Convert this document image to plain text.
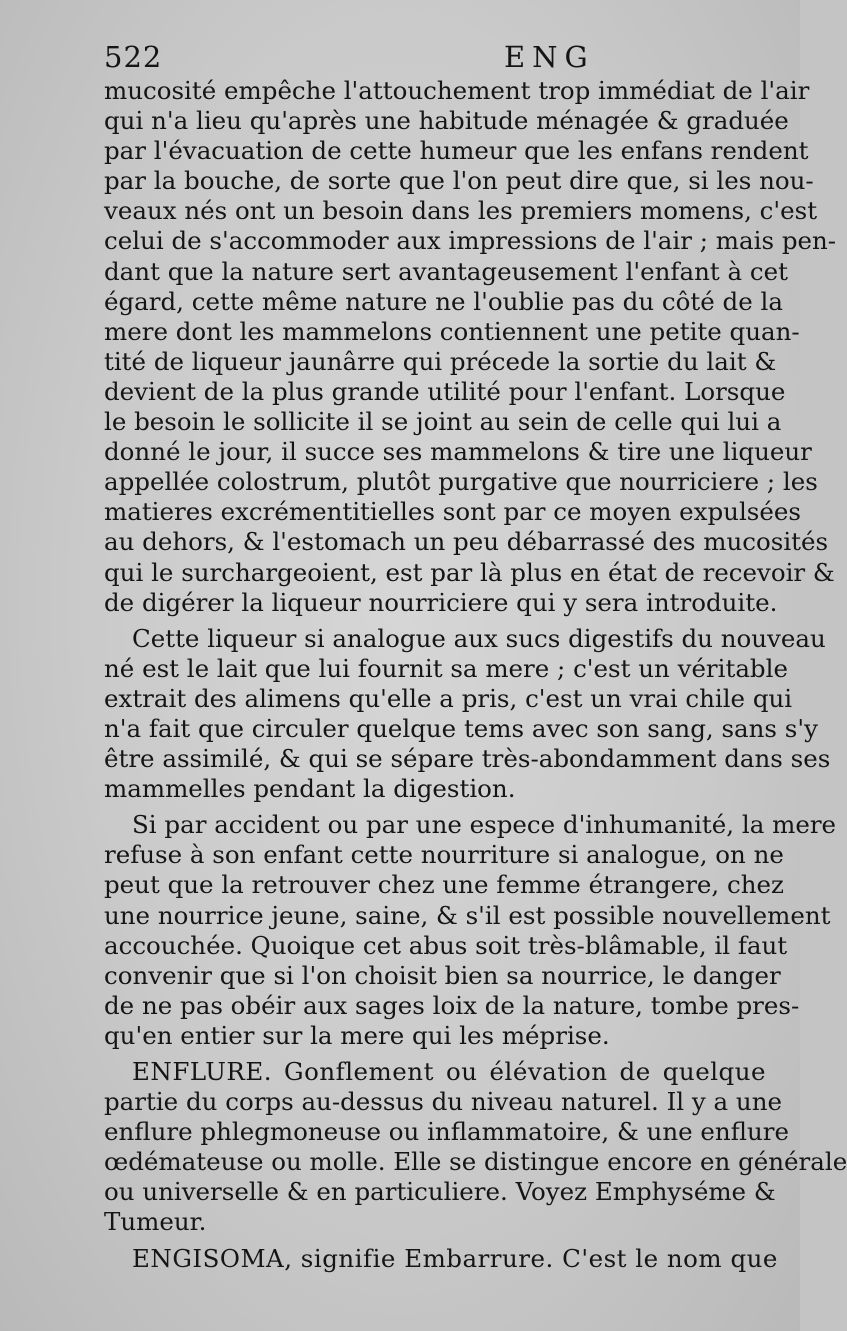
522	ENG
mucosité empêche l'attouchement trop immédiat de l'air
qui n'a lieu qu'après une habitude ménagée & graduée
par l'évacuation de cette humeur que les enfans rendent
par la bouche, de sorte que l'on peut dire que, si les nou-
veaux nés ont un besoin dans les premiers momens, c'est
celui de s'accommoder aux impressions de l'air ; mais pen-
dant que la nature sert avantageusement l'enfant à cet
égard, cette même nature ne l'oublie pas du côté de la
mere dont les mammelons contiennent une petite quan-
tité de liqueur jaunârre qui précede la sortie du lait &
devient de la plus grande utilité pour l'enfant. Lorsque
le besoin le sollicite il se joint au sein de celle qui lui a
donné le jour, il succe ses mammelons & tire une liqueur
appellée colostrum, plutôt purgative que nourriciere ; les
matieres excrémentitielles sont par ce moyen expulsées
au dehors, & l'estomach un peu débarrassé des mucosités
qui le surchargeoient, est par là plus en état de recevoir &
de digérer la liqueur nourriciere qui y sera introduite.
Cette liqueur si analogue aux sucs digestifs du nouveau
né est le lait que lui fournit sa mere ; c'est un véritable
extrait des alimens qu'elle a pris, c'est un vrai chile qui
n'a fait que circuler quelque tems avec son sang, sans s'y
être assimilé, & qui se sépare très-abondamment dans ses
mammelles pendant la digestion.
Si par accident ou par une espece d'inhumanité, la mere
refuse à son enfant cette nourriture si analogue, on ne
peut que la retrouver chez une femme étrangere, chez
une nourrice jeune, saine, & s'il est possible nouvellement
accouchée. Quoique cet abus soit très-blâmable, il faut
convenir que si l'on choisit bien sa nourrice, le danger
de ne pas obéir aux sages loix de la nature, tombe pres-
qu'en entier sur la mere qui les méprise.
ENFLURE. Gonflement ou élévation de quelque
partie du corps au-dessus du niveau naturel. Il y a une
enflure phlegmoneuse ou inflammatoire, & une enflure
œdémateuse ou molle. Elle se distingue encore en générale
ou universelle & en particuliere. Voyez Emphyséme &
Tumeur.
ENGISOMA, signifie Embarrure. C'est le nom que
